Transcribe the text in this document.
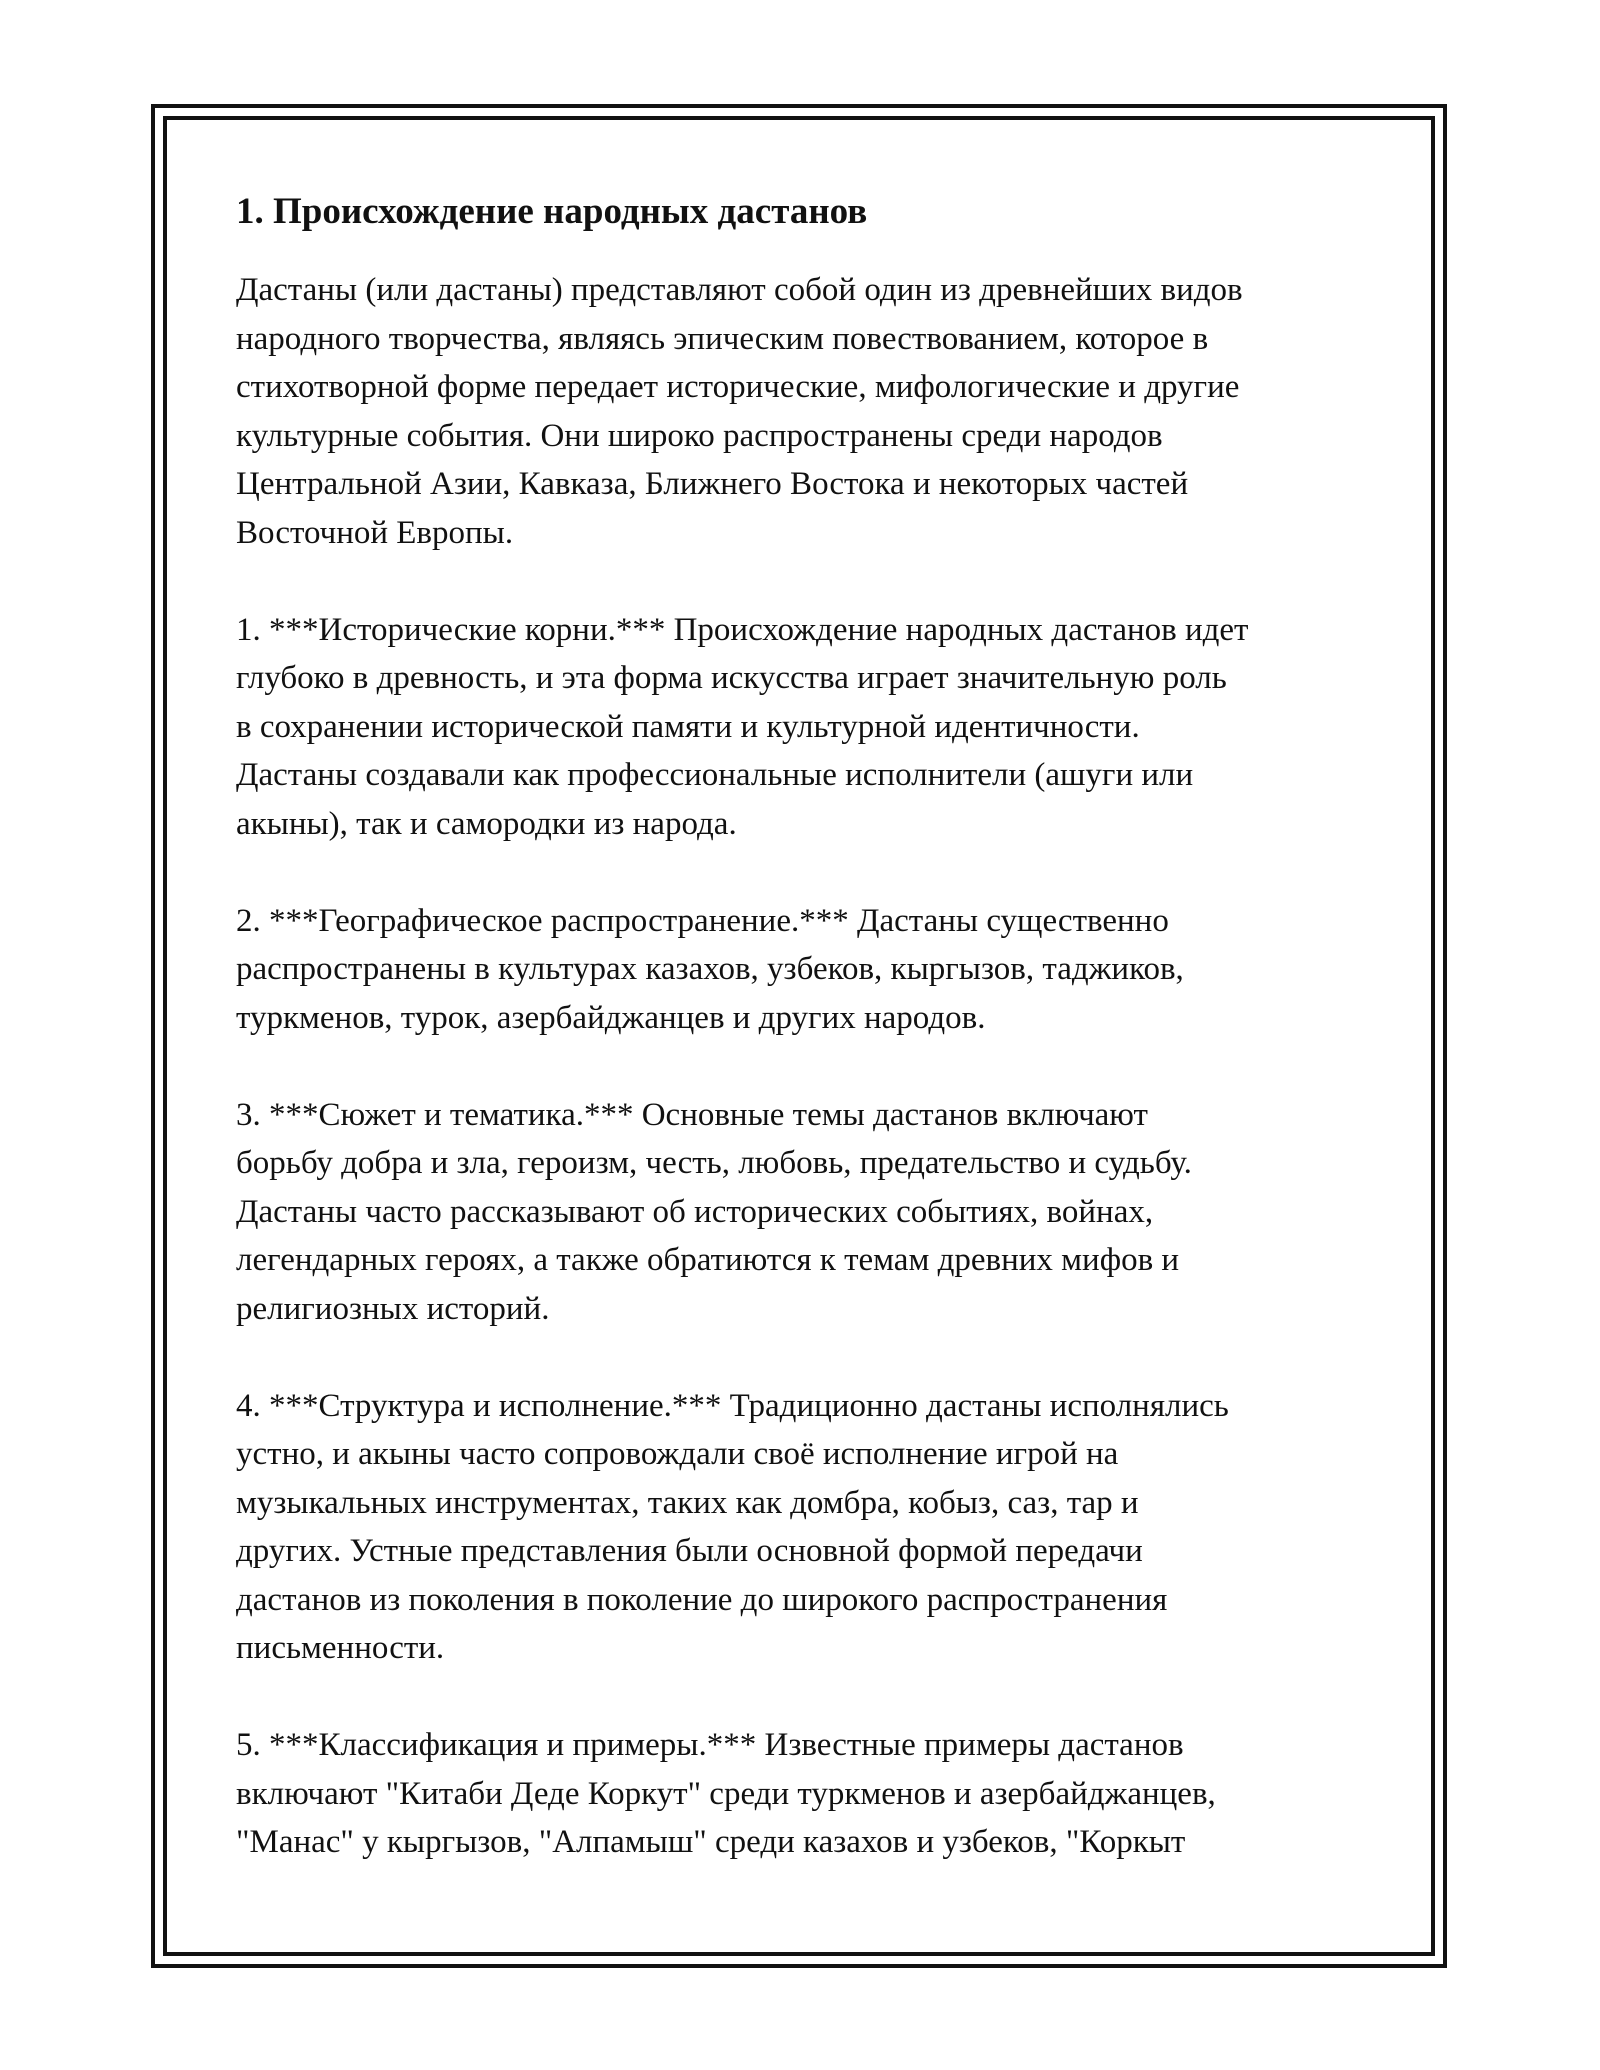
1. Происхождение народных дастанов

Дастаны (или дастаны) представляют собой один из древнейших видов
народного творчества, являясь эпическим повествованием, которое в
стихотворной форме передает исторические, мифологические и другие
культурные события. Они широко распространены среди народов
Центральной Азии, Кавказа, Ближнего Востока и некоторых частей
Восточной Европы.

1. ***Исторические корни.*** Происхождение народных дастанов идет
глубоко в древность, и эта форма искусства играет значительную роль
в сохранении исторической памяти и культурной идентичности.
Дастаны создавали как профессиональные исполнители (ашуги или
акыны), так и самородки из народа.

2. ***Географическое распространение.*** Дастаны существенно
распространены в культурах казахов, узбеков, кыргызов, таджиков,
туркменов, турок, азербайджанцев и других народов.

3. ***Сюжет и тематика.*** Основные темы дастанов включают
борьбу добра и зла, героизм, честь, любовь, предательство и судьбу.
Дастаны часто рассказывают об исторических событиях, войнах,
легендарных героях, а также обратиются к темам древних мифов и
религиозных историй.

4. ***Структура и исполнение.*** Традиционно дастаны исполнялись
устно, и акыны часто сопровождали своё исполнение игрой на
музыкальных инструментах, таких как домбра, кобыз, саз, тар и
других. Устные представления были основной формой передачи
дастанов из поколения в поколение до широкого распространения
письменности.

5. ***Классификация и примеры.*** Известные примеры дастанов
включают "Китаби Деде Коркут" среди туркменов и азербайджанцев,
"Манас" у кыргызов, "Алпамыш" среди казахов и узбеков, "Коркыт
